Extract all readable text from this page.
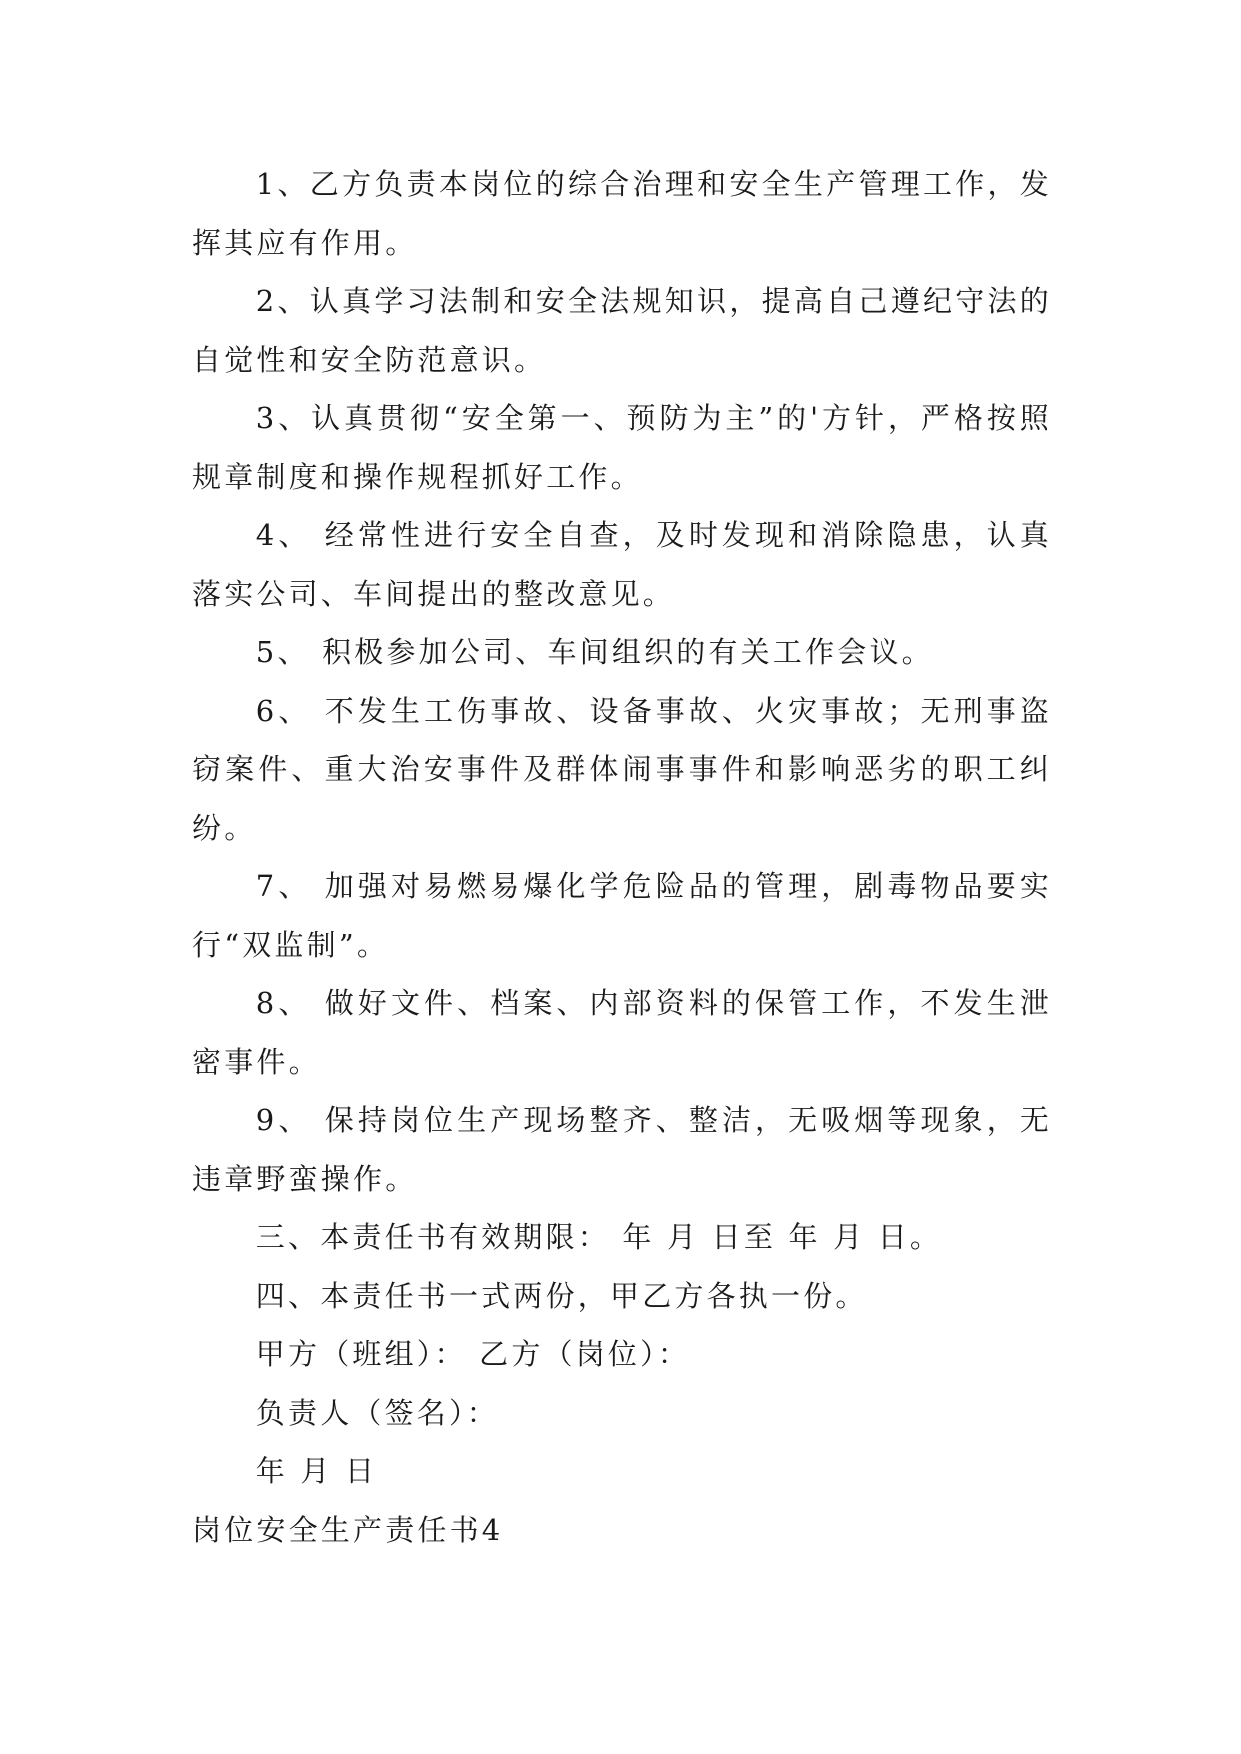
1、乙方负责本岗位的综合治理和安全生产管理工作，发挥其应有作用。

2、认真学习法制和安全法规知识，提高自己遵纪守法的自觉性和安全防范意识。

3、认真贯彻“安全第一、预防为主”的'方针，严格按照规章制度和操作规程抓好工作。

4、 经常性进行安全自查，及时发现和消除隐患，认真落实公司、车间提出的整改意见。

5、 积极参加公司、车间组织的有关工作会议。

6、 不发生工伤事故、设备事故、火灾事故；无刑事盗窃案件、重大治安事件及群体闹事事件和影响恶劣的职工纠纷。

7、 加强对易燃易爆化学危险品的管理，剧毒物品要实行“双监制”。

8、 做好文件、档案、内部资料的保管工作，不发生泄密事件。

9、 保持岗位生产现场整齐、整洁，无吸烟等现象，无违章野蛮操作。

三、本责任书有效期限： 年 月 日至 年 月 日。

四、本责任书一式两份，甲乙方各执一份。

甲方（班组）： 乙方（岗位）：

负责人（签名）：

年 月 日

岗位安全生产责任书4
